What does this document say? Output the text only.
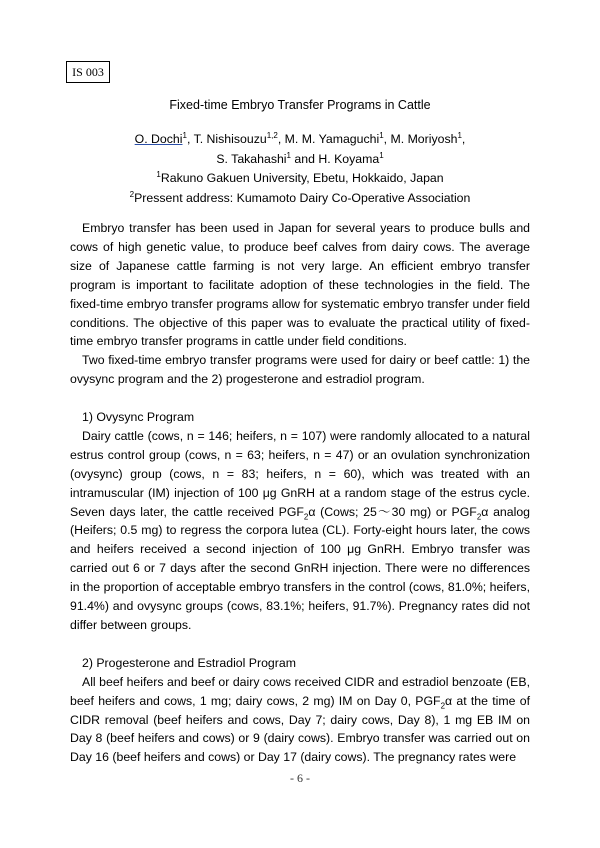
IS 003
Fixed-time Embryo Transfer Programs in Cattle
O. Dochi$^1$, T. Nishisouzu$^{1,2}$, M. M. Yamaguchi$^1$, M. Moriyosh$^1$,
S. Takahashi$^1$ and H. Koyama$^1$
$^1$Rakuno Gakuen University, Ebetu, Hokkaido, Japan
$^2$Pressent address: Kumamoto Dairy Co-Operative Association

Embryo transfer has been used in Japan for several years to produce bulls and cows of high genetic value, to produce beef calves from dairy cows. The average size of Japanese cattle farming is not very large. An efficient embryo transfer program is important to facilitate adoption of these technologies in the field. The fixed-time embryo transfer programs allow for systematic embryo transfer under field conditions. The objective of this paper was to evaluate the practical utility of fixed-time embryo transfer programs in cattle under field conditions.

Two fixed-time embryo transfer programs were used for dairy or beef cattle: 1) the ovysync program and the 2) progesterone and estradiol program.

1) Ovysync Program

Dairy cattle (cows, n = 146; heifers, n = 107) were randomly allocated to a natural estrus control group (cows, n = 63; heifers, n = 47) or an ovulation synchronization (ovysync) group (cows, n = 83; heifers, n = 60), which was treated with an intramuscular (IM) injection of 100 μg GnRH at a random stage of the estrus cycle. Seven days later, the cattle received $PGF_2\alpha$ (Cows; 25～30 mg) or $PGF_2\alpha$ analog (Heifers; 0.5 mg) to regress the corpora lutea (CL). Forty-eight hours later, the cows and heifers received a second injection of 100 μg GnRH. Embryo transfer was carried out 6 or 7 days after the second GnRH injection. There were no differences in the proportion of acceptable embryo transfers in the control (cows, 81.0%; heifers, 91.4%) and ovysync groups (cows, 83.1%; heifers, 91.7%). Pregnancy rates did not differ between groups.

2) Progesterone and Estradiol Program

All beef heifers and beef or dairy cows received CIDR and estradiol benzoate (EB, beef heifers and cows, 1 mg; dairy cows, 2 mg) IM on Day 0, $PGF_2\alpha$ at the time of CIDR removal (beef heifers and cows, Day 7; dairy cows, Day 8), 1 mg EB IM on Day 8 (beef heifers and cows) or 9 (dairy cows). Embryo transfer was carried out on Day 16 (beef heifers and cows) or Day 17 (dairy cows). The pregnancy rates were

- 6 -
